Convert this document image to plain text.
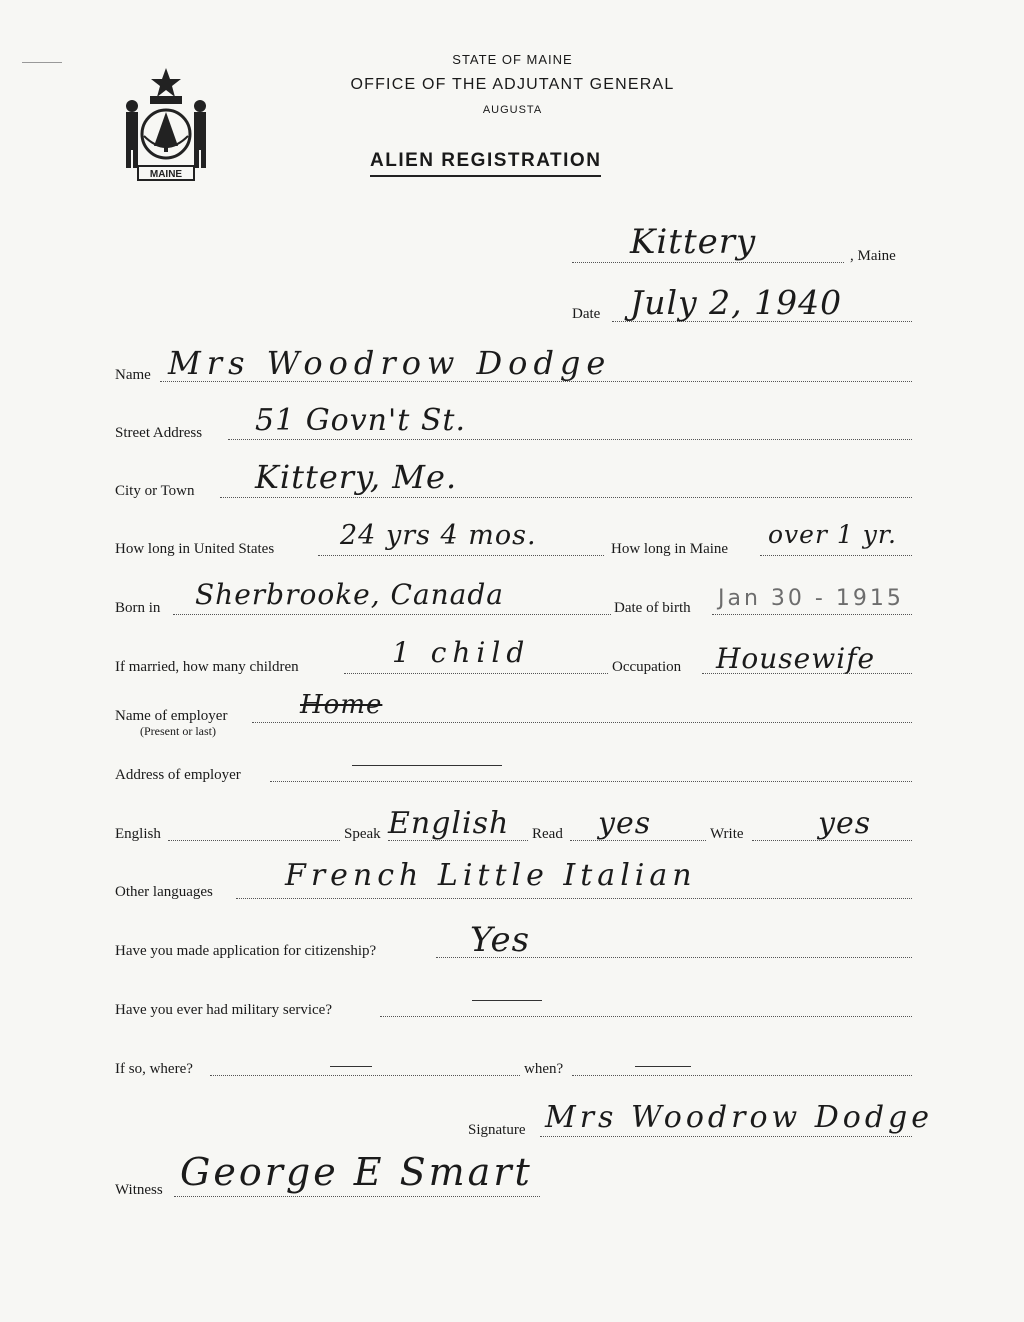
MAINE
STATE OF MAINE
OFFICE OF THE ADJUTANT GENERAL
AUGUSTA
ALIEN REGISTRATION
Kittery	, Maine
Date July 2, 1940
Name Mrs Woodrow Dodge
Street Address 51 Govn't St.
City or Town Kittery, Me.
How long in United States 24 yrs 4 mos.	How long in Maine over 1 yr.
Born in Sherbrooke, Canada	Date of birth Jan 30 - 1915
If married, how many children	1 child	Occupation Housewife
Name of employer
(Present or last)
Home
Address of employer
English	Speak English Read yes	Write yes
Other languages French Little Italian
Have you made application for citizenship?	Yes
Have you ever had military service?
If so, where?	when?
Signature Mrs Woodrow Dodge
Witness George E Smart
